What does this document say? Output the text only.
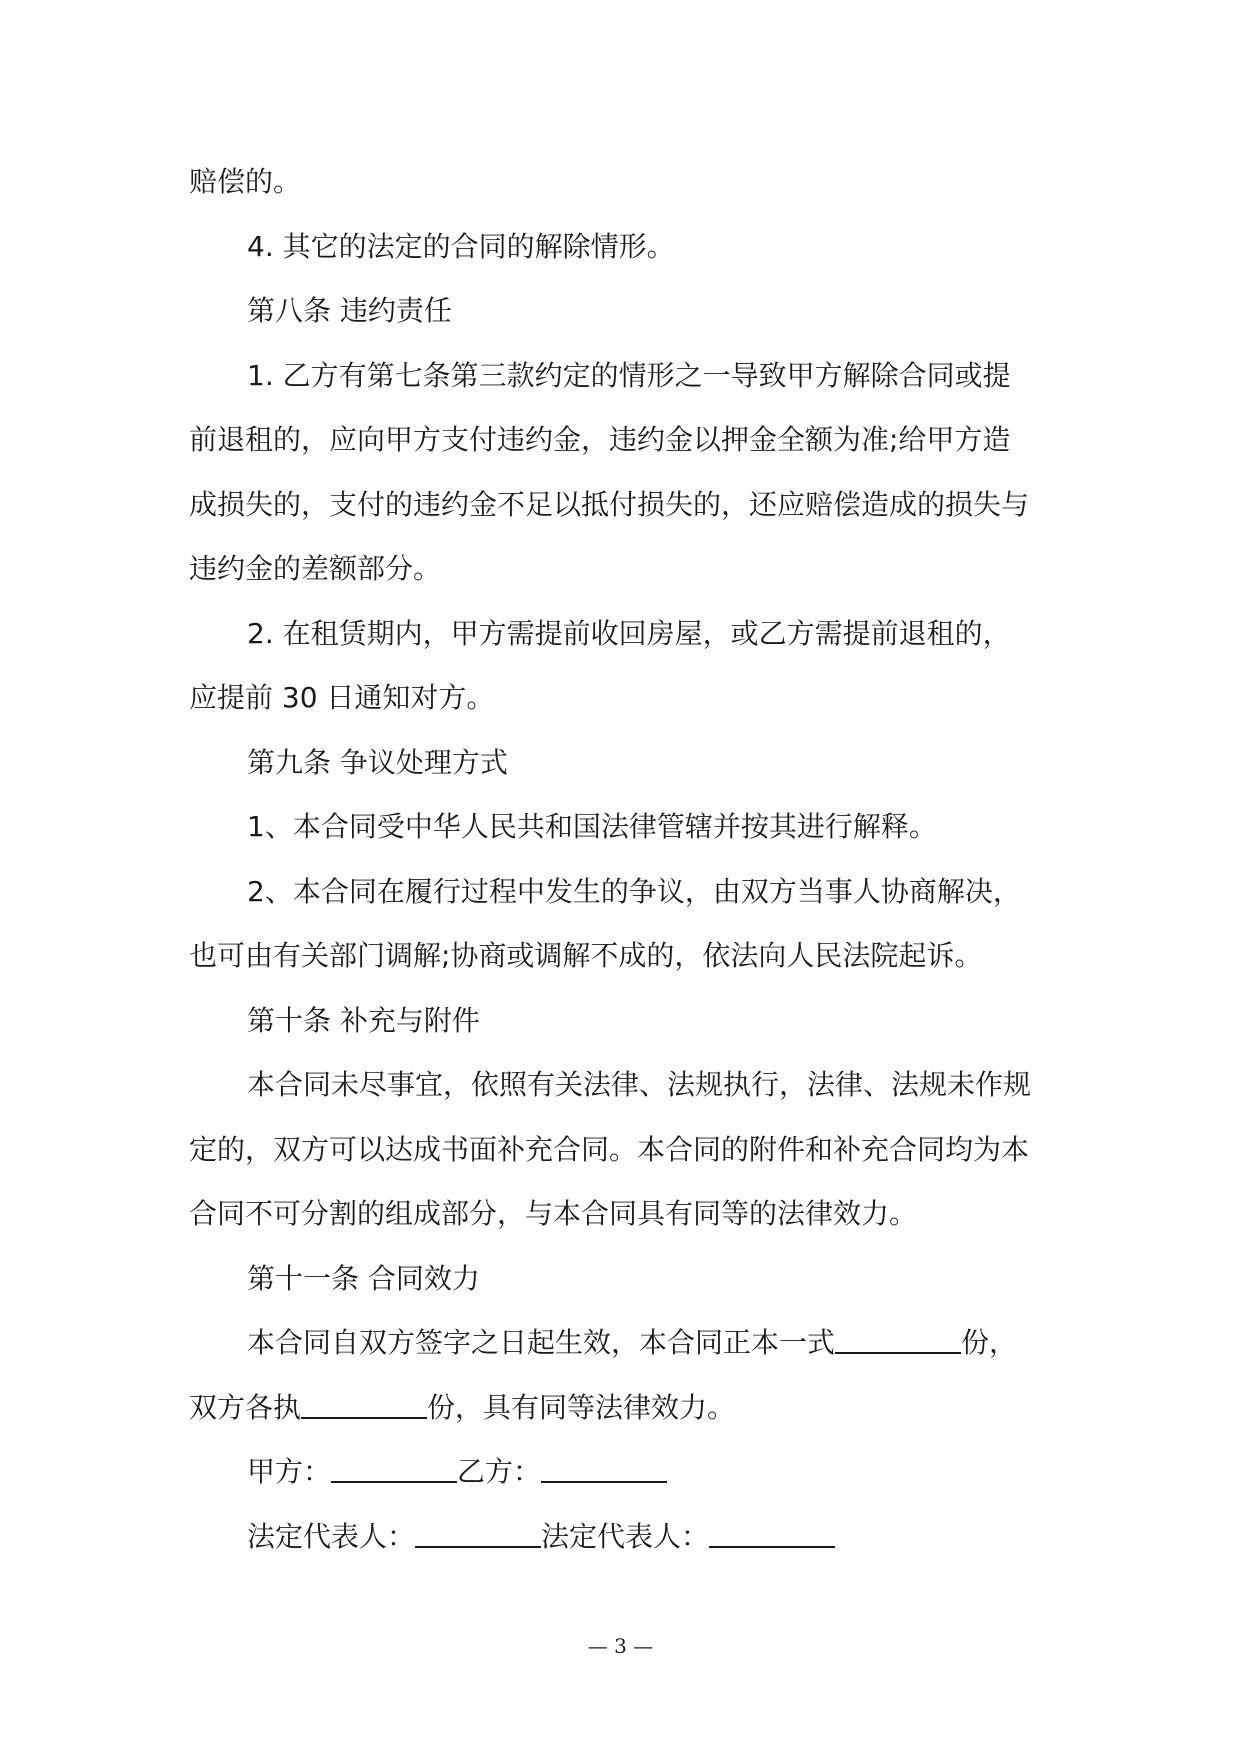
赔偿的。
4. 其它的法定的合同的解除情形。
第八条 违约责任
1. 乙方有第七条第三款约定的情形之一导致甲方解除合同或提
前退租的，应向甲方支付违约金，违约金以押金全额为准;给甲方造
成损失的，支付的违约金不足以抵付损失的，还应赔偿造成的损失与
违约金的差额部分。
2. 在租赁期内，甲方需提前收回房屋，或乙方需提前退租的，
应提前 30 日通知对方。
第九条 争议处理方式
1、本合同受中华人民共和国法律管辖并按其进行解释。
2、本合同在履行过程中发生的争议，由双方当事人协商解决，
也可由有关部门调解;协商或调解不成的，依法向人民法院起诉。
第十条 补充与附件
本合同未尽事宜，依照有关法律、法规执行，法律、法规未作规
定的，双方可以达成书面补充合同。本合同的附件和补充合同均为本
合同不可分割的组成部分，与本合同具有同等的法律效力。
第十一条 合同效力
本合同自双方签字之日起生效，本合同正本一式	份，
双方各执	份，具有同等法律效力。
甲方：	乙方：
法定代表人：	法定代表人：
— 3 —
